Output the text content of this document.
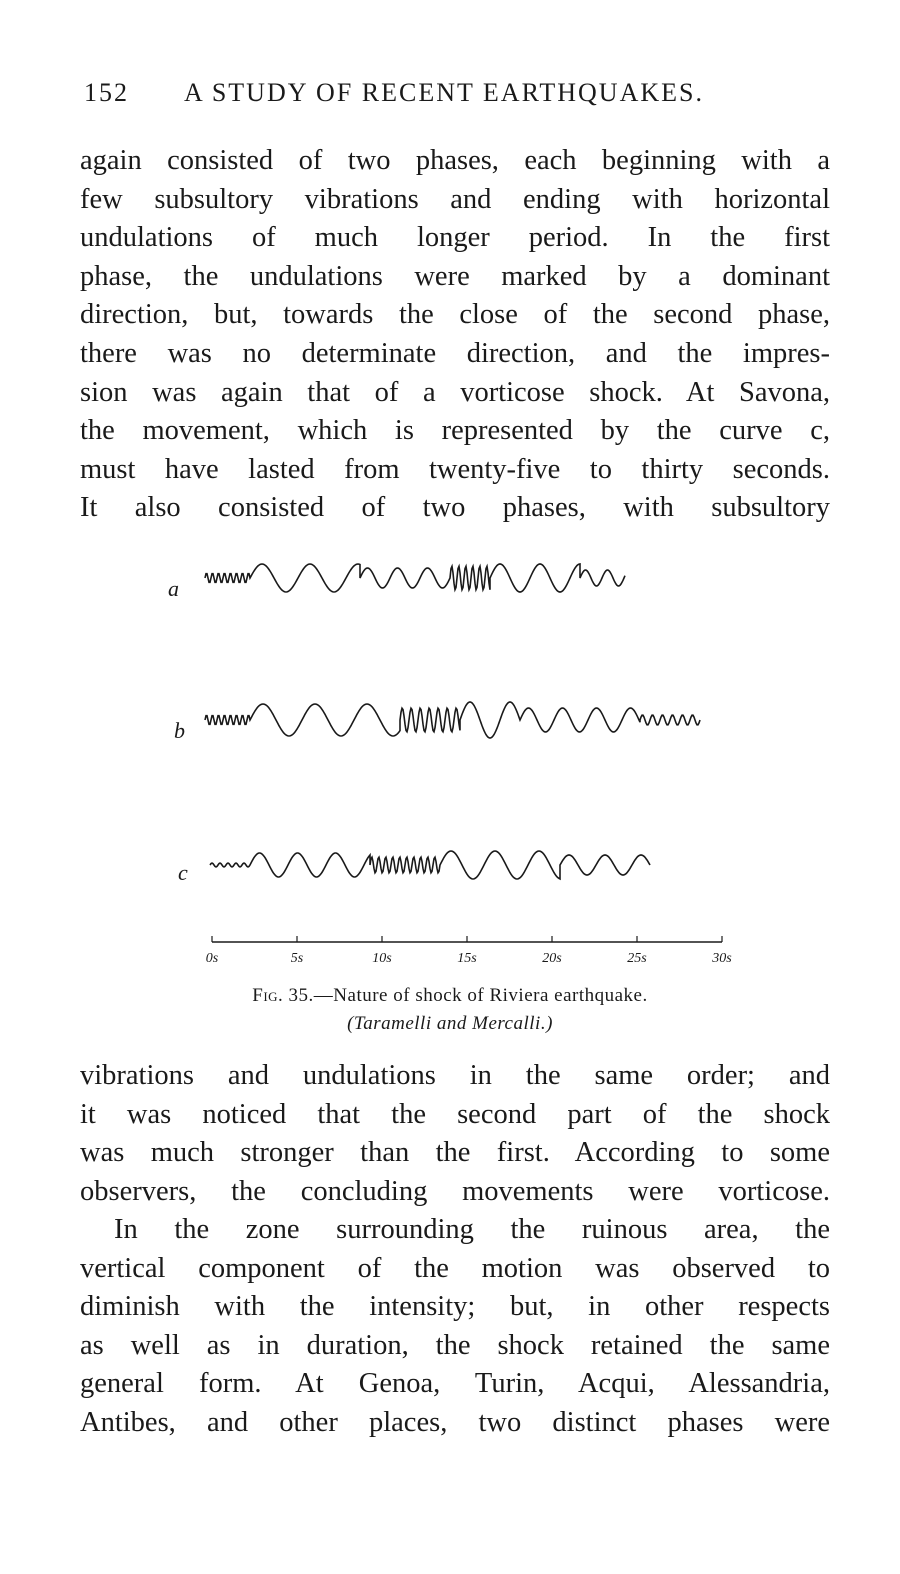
152 A STUDY OF RECENT EARTHQUAKES.

again consisted of two phases, each beginning with a
few subsultory vibrations and ending with horizontal
undulations of much longer period. In the first
phase, the undulations were marked by a dominant
direction, but, towards the close of the second phase,
there was no determinate direction, and the impres-
sion was again that of a vorticose shock. At Savona,
the movement, which is represented by the curve c,
must have lasted from twenty-five to thirty seconds.
It also consisted of two phases, with subsultory

a
b
c
0s	5s	10s	15s	20s	25s	30s
Fig. 35.—Nature of shock of Riviera earthquake.
(Taramelli and Mercalli.)

vibrations and undulations in the same order; and
it was noticed that the second part of the shock
was much stronger than the first. According to some
observers, the concluding movements were vorticose.

In the zone surrounding the ruinous area, the
vertical component of the motion was observed to
diminish with the intensity; but, in other respects
as well as in duration, the shock retained the same
general form. At Genoa, Turin, Acqui, Alessandria,
Antibes, and other places, two distinct phases were
